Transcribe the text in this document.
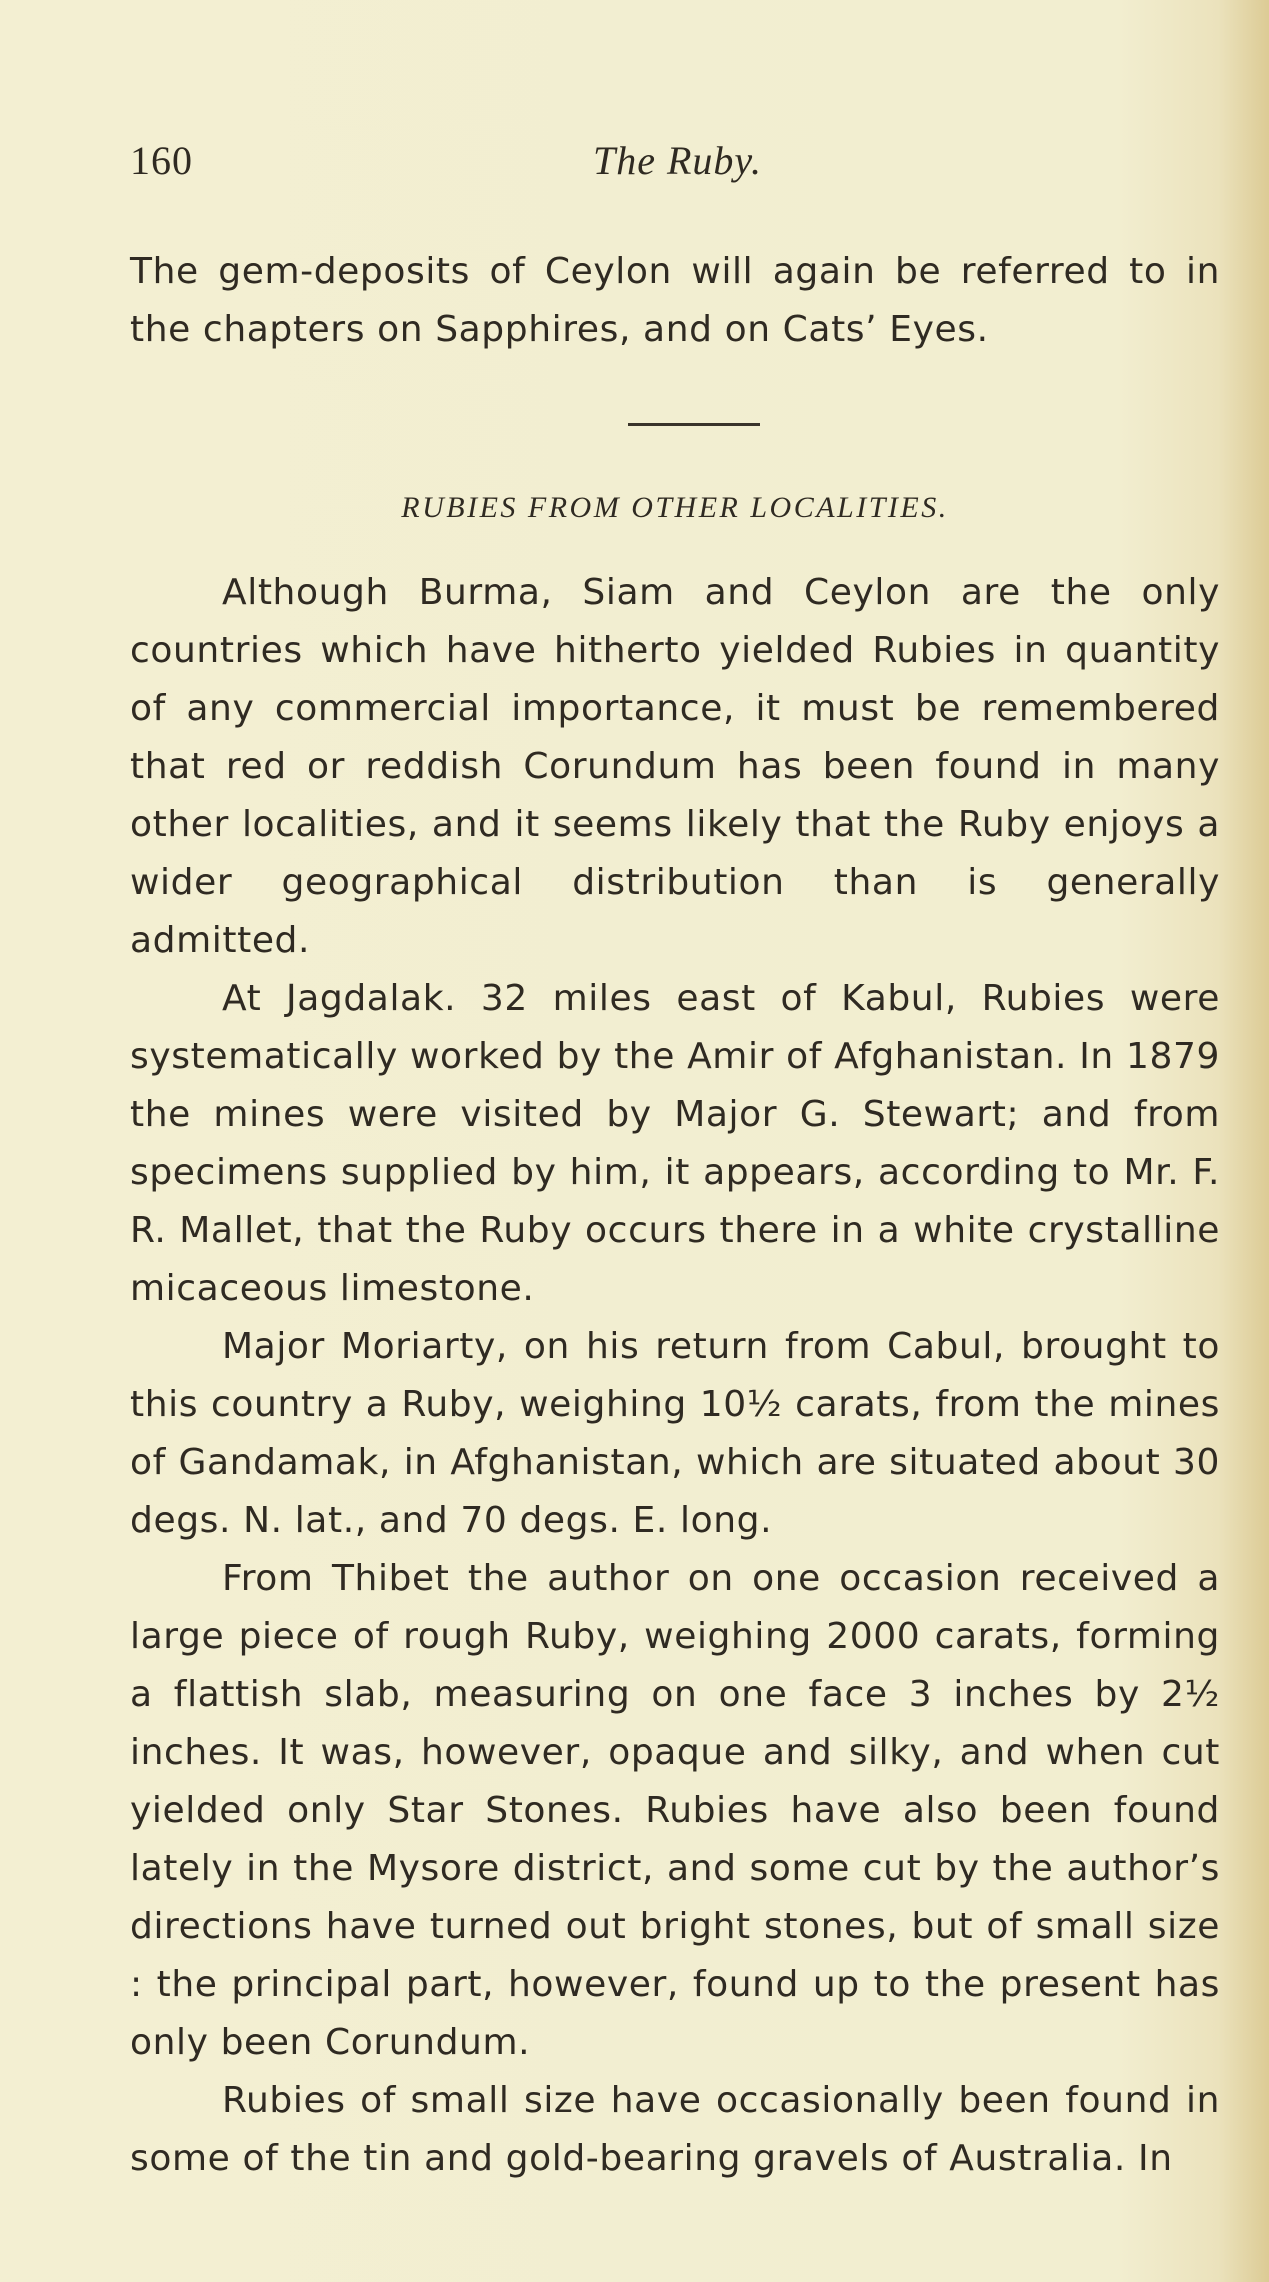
160	The Ruby.

The gem-deposits of Ceylon will again be referred to in the chapters on Sapphires, and on Cats’ Eyes.

RUBIES FROM OTHER LOCALITIES.

Although Burma, Siam and Ceylon are the only countries which have hitherto yielded Rubies in quantity of any commercial importance, it must be remembered that red or reddish Corundum has been found in many other localities, and it seems likely that the Ruby enjoys a wider geographical distribution than is generally admitted.

At Jagdalak. 32 miles east of Kabul, Rubies were systematically worked by the Amir of Afghanistan. In 1879 the mines were visited by Major G. Stewart; and from specimens supplied by him, it appears, according to Mr. F. R. Mallet, that the Ruby occurs there in a white crystalline micaceous limestone.

Major Moriarty, on his return from Cabul, brought to this country a Ruby, weighing 10½ carats, from the mines of Gandamak, in Afghanistan, which are situated about 30 degs. N. lat., and 70 degs. E. long.

From Thibet the author on one occasion received a large piece of rough Ruby, weighing 2000 carats, forming a flattish slab, measuring on one face 3 inches by 2½ inches. It was, however, opaque and silky, and when cut yielded only Star Stones. Rubies have also been found lately in the Mysore district, and some cut by the author’s directions have turned out bright stones, but of small size : the principal part, however, found up to the present has only been Corundum.

Rubies of small size have occasionally been found in some of the tin and gold-bearing gravels of Australia. In
